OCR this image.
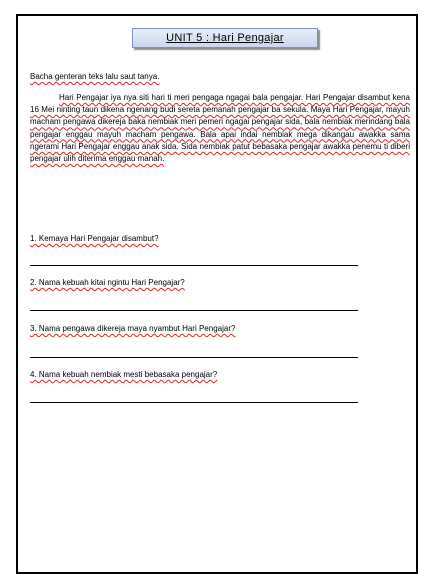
UNIT 5 : Hari Pengajar
Bacha genteran teks lalu saut tanya.
Hari Pengajar iya nya siti hari ti meri pengaga ngagai bala pengajar. Hari Pengajar disambut kena 16 Mei ninting taun dikena ngenang budi sereta pemanah pengajar ba sekula. Maya Hari Pengajar, mayuh macham pengawa dikereja baka nembiak meri pemeri ngagai pengajar sida, bala nembiak merindang bala pengajar enggau mayuh macham pengawa. Bala apai indai nembiak mega dikangau awakka sama ngerami Hari Pengajar enggau anak sida. Sida nembiak patut bebasaka pengajar awakka penemu ti diberi pengajar ulih diterima enggau manah.
1. Kemaya Hari Pengajar disambut?
2. Nama kebuah kitai ngintu Hari Pengajar?
3. Nama pengawa dikereja maya nyambut Hari Pengajar?
4. Nama kebuah nembiak mesti bebasaka pengajar?
